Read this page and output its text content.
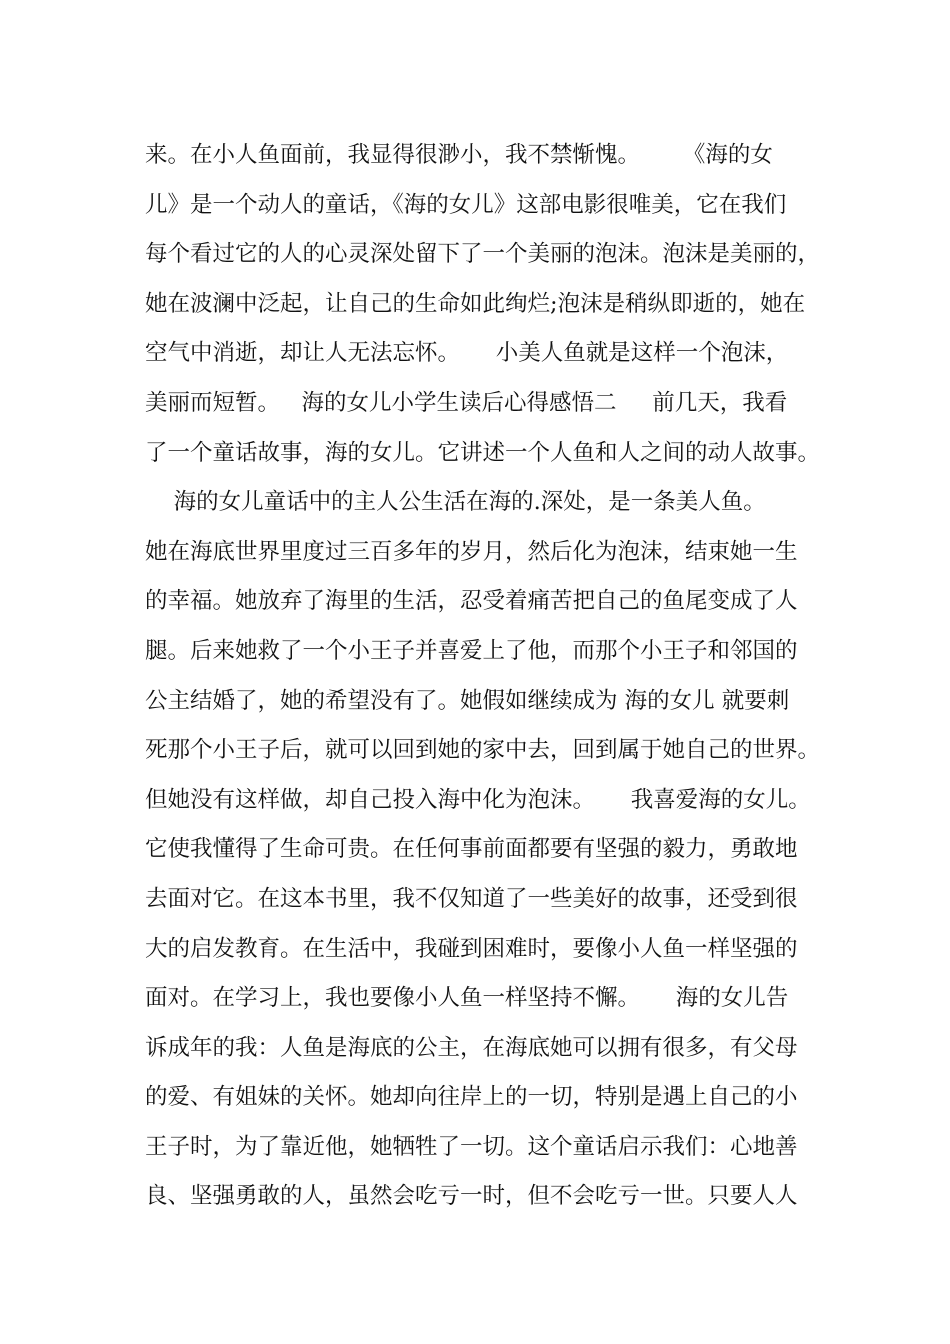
来。在小人鱼面前，我显得很渺小，我不禁惭愧。      《海的女
儿》是一个动人的童话，《海的女儿》这部电影很唯美，它在我们
每个看过它的人的心灵深处留下了一个美丽的泡沫。泡沫是美丽的，
她在波澜中泛起，让自己的生命如此绚烂;泡沫是稍纵即逝的，她在
空气中消逝，却让人无法忘怀。     小美人鱼就是这样一个泡沫，
美丽而短暂。   海的女儿小学生读后心得感悟二     前几天，我看
了一个童话故事，海的女儿。它讲述一个人鱼和人之间的动人故事。
海的女儿童话中的主人公生活在海的.深处，是一条美人鱼。
她在海底世界里度过三百多年的岁月，然后化为泡沫，结束她一生
的幸福。她放弃了海里的生活，忍受着痛苦把自己的鱼尾变成了人
腿。后来她救了一个小王子并喜爱上了他，而那个小王子和邻国的
公主结婚了，她的希望没有了。她假如继续成为 海的女儿 就要刺
死那个小王子后，就可以回到她的家中去，回到属于她自己的世界。
但她没有这样做，却自己投入海中化为泡沫。     我喜爱海的女儿。
它使我懂得了生命可贵。在任何事前面都要有坚强的毅力，勇敢地
去面对它。在这本书里，我不仅知道了一些美好的故事，还受到很
大的启发教育。在生活中，我碰到困难时，要像小人鱼一样坚强的
面对。在学习上，我也要像小人鱼一样坚持不懈。     海的女儿告
诉成年的我：人鱼是海底的公主，在海底她可以拥有很多，有父母
的爱、有姐妹的关怀。她却向往岸上的一切，特别是遇上自己的小
王子时，为了靠近他，她牺牲了一切。这个童话启示我们：心地善
良、坚强勇敢的人，虽然会吃亏一时，但不会吃亏一世。只要人人
